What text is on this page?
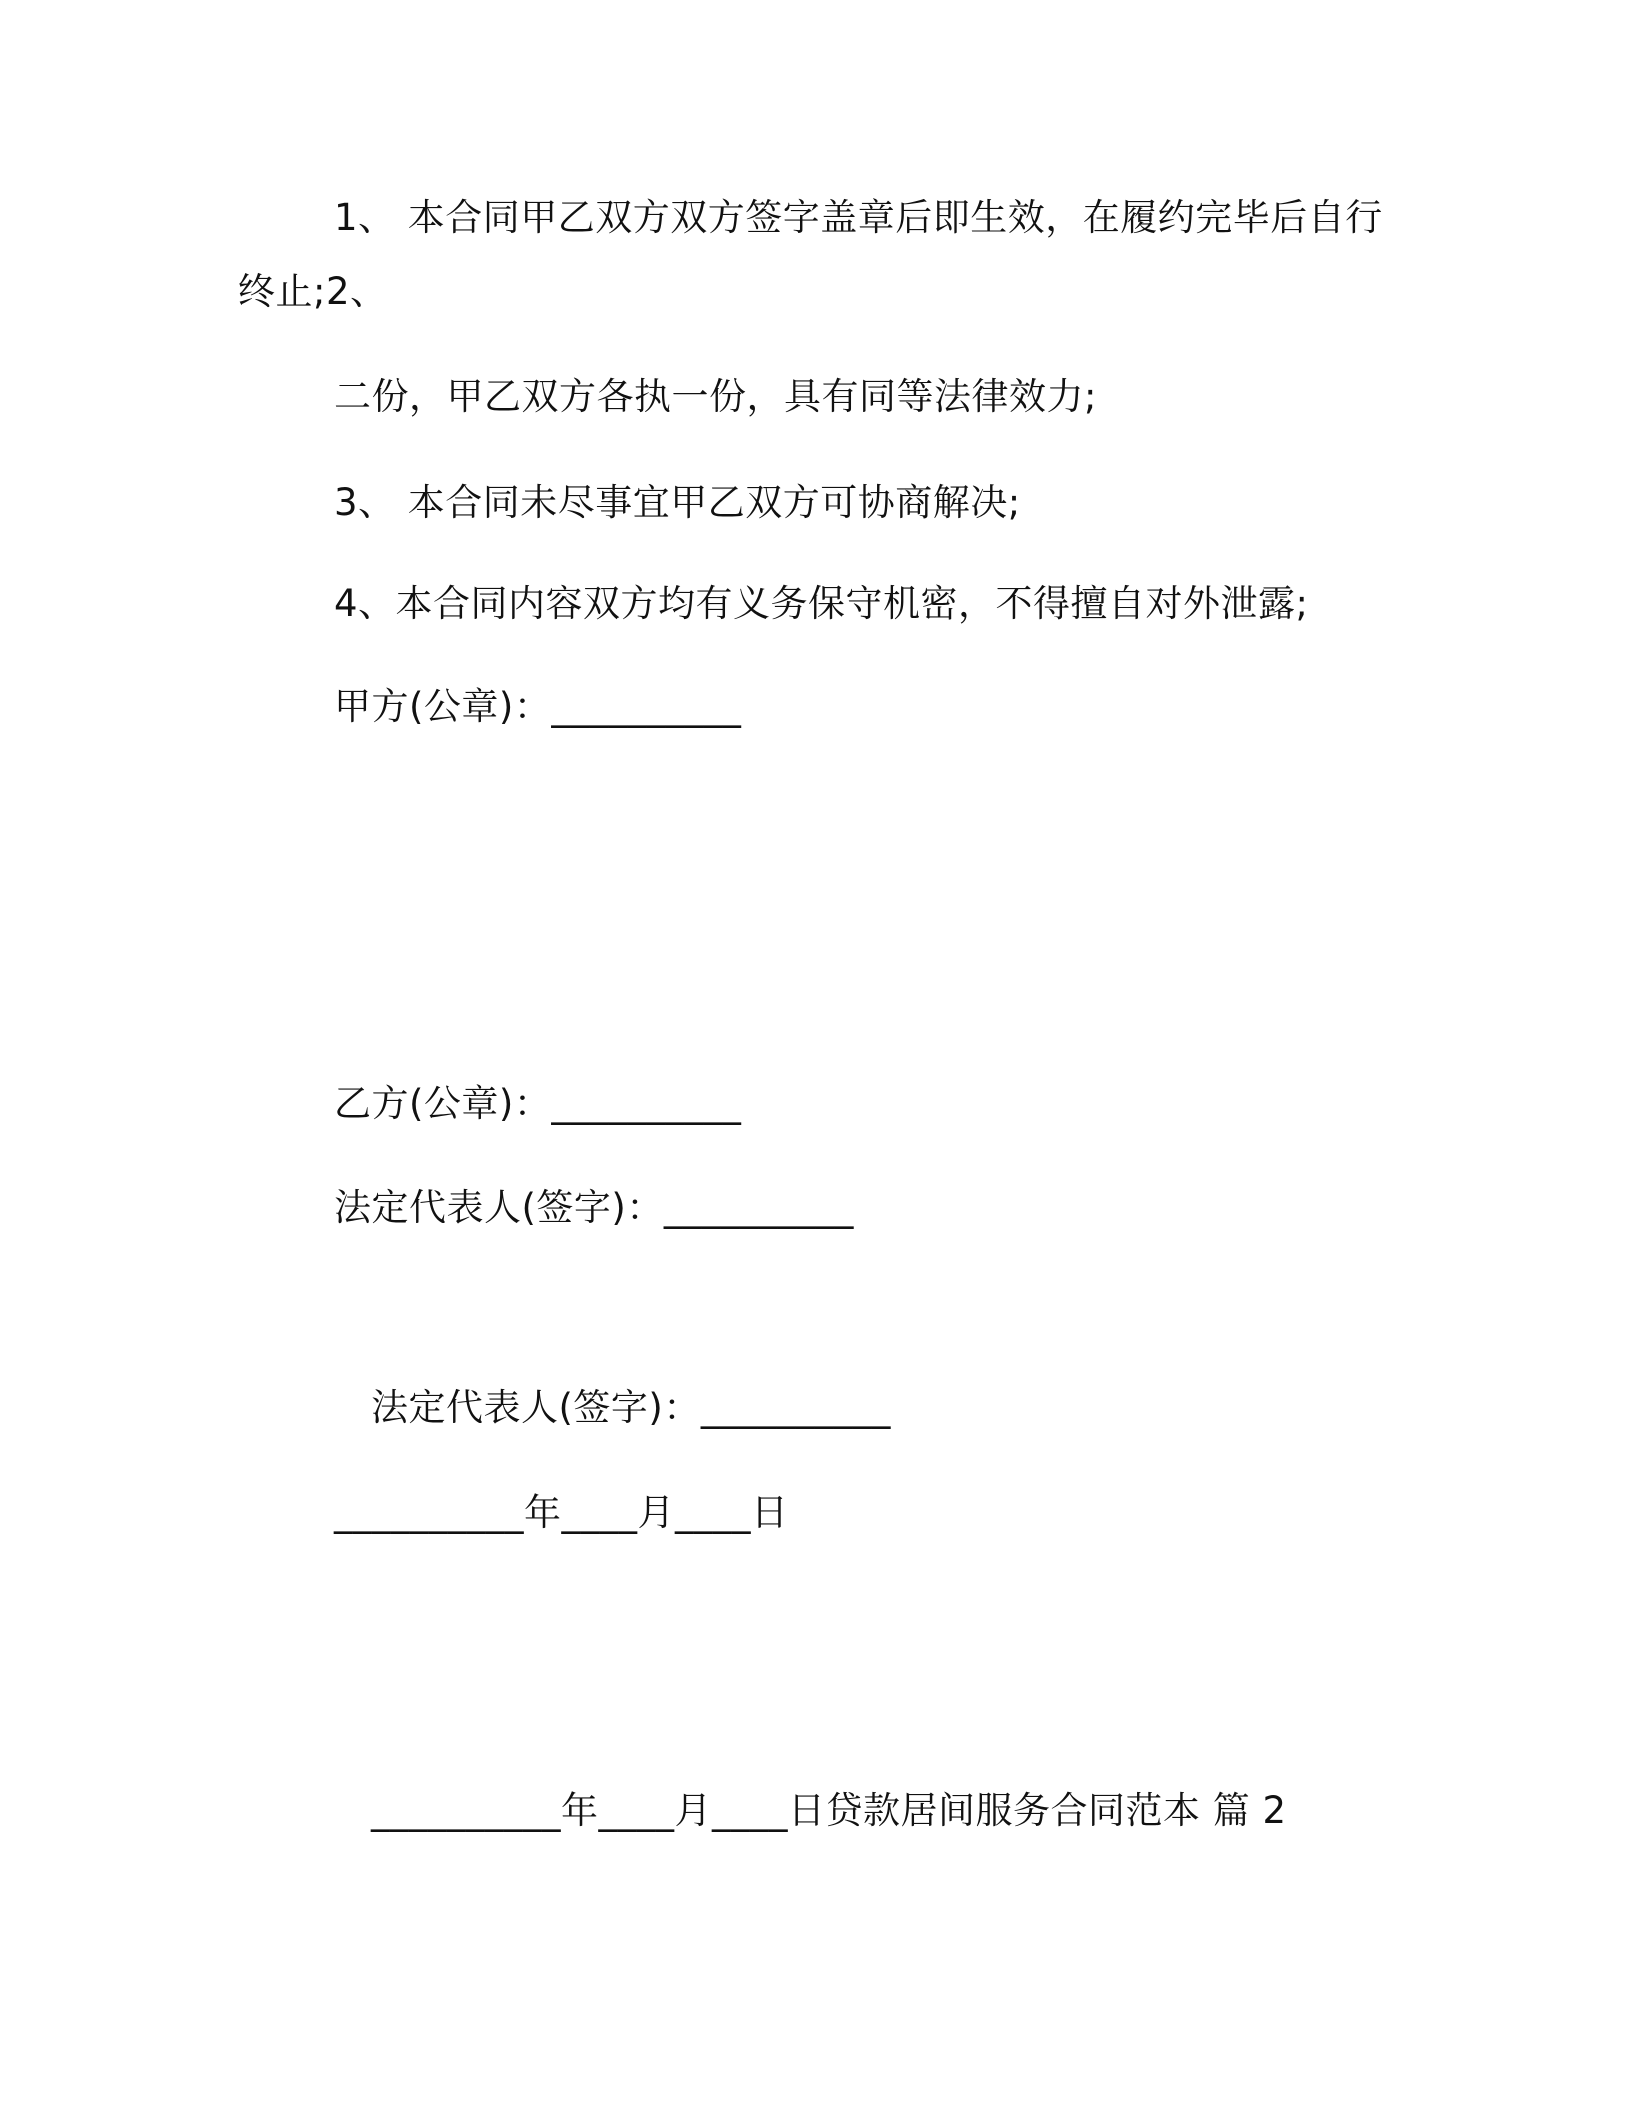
1、 本合同甲乙双方双方签字盖章后即生效，在履约完毕后自行
终止;2、
二份，甲乙双方各执一份，具有同等法律效力;
3、 本合同未尽事宜甲乙双方可协商解决;
4、本合同内容双方均有义务保守机密，不得擅自对外泄露;
甲方(公章)：__________
乙方(公章)：__________
法定代表人(签字)：__________
法定代表人(签字)：__________
__________年____月____日
__________年____月____日贷款居间服务合同范本 篇 2
